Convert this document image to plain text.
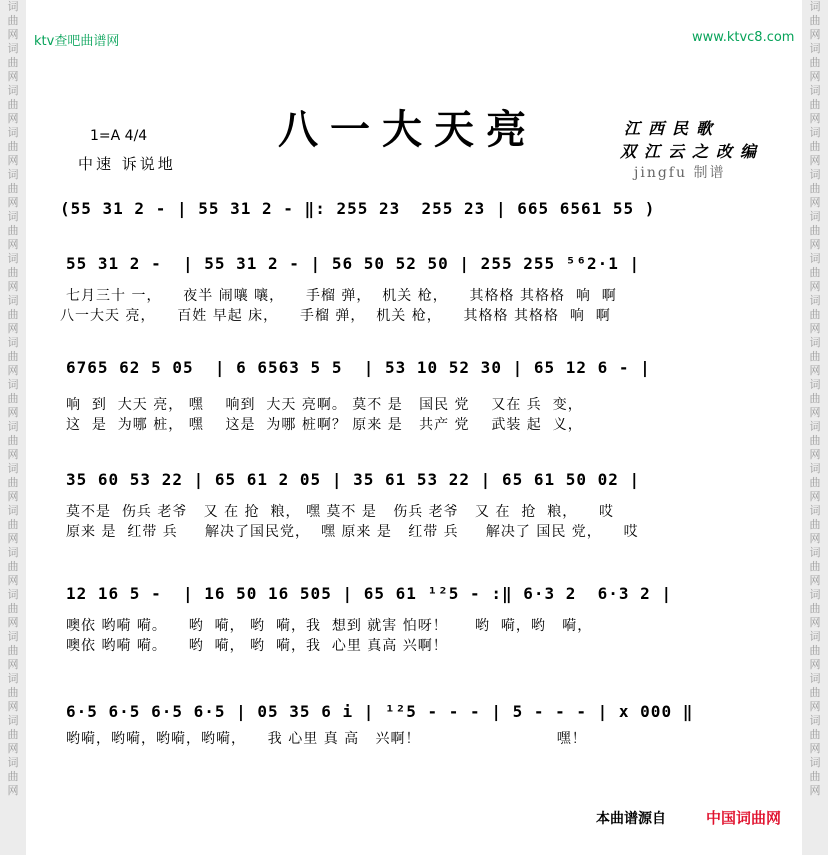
词曲网词曲网词曲网词曲网词曲网词曲网词曲网词曲网词曲网词曲网词曲网词曲网词曲网词曲网词曲网词曲网词曲网词曲网词曲网
词曲网词曲网词曲网词曲网词曲网词曲网词曲网词曲网词曲网词曲网词曲网词曲网词曲网词曲网词曲网词曲网词曲网词曲网词曲网
ktv查吧曲谱网	www.ktvc8.com
八一大天亮
1=A 4/4
中速 诉说地
江西民歌
双江云之改编
jingfu 制谱
(55 31 2 - | 55 31 2 - ‖: 255 23  255 23 | 665 6561 55 )
55 31 2 -  | 55 31 2 - | 56 50 52 50 | 255 255 ⁵⁶2·1 |
七月三十 一，    夜半 闹嚷 嚷，    手榴 弹，  机关 枪，    其格格 其格格  响  啊
八一大天 亮，    百姓 早起 床，    手榴 弹，  机关 枪，    其格格 其格格  响  啊
6765 62 5 05  | 6 6563 5 5  | 53 10 52 30 | 65 12 6 - |
响  到  大天 亮， 嘿    响到  大天 亮啊。 莫不 是   国民 党    又在 兵  变，
这  是  为哪 桩， 嘿    这是  为哪 桩啊？ 原来 是   共产 党    武装 起  义，
35 60 53 22 | 65 61 2 05 | 35 61 53 22 | 65 61 50 02 |
莫不是  伤兵 老爷   又 在 抢  粮， 嘿 莫不 是   伤兵 老爷   又 在  抢  粮，    哎
原来 是  红带 兵     解决了国民党，  嘿 原来 是   红带 兵     解决了 国民 党，    哎
12 16 5 -  | 16 50 16 505 | 65 61 ¹²5 - :‖ 6·3 2  6·3 2 |
噢依 哟嗬 嗬。    哟  嗬， 哟  嗬，我  想到 就害 怕呀！     哟  嗬，哟   嗬，
噢依 哟嗬 嗬。    哟  嗬， 哟  嗬，我  心里 真高 兴啊！
6·5 6·5 6·5 6·5 | 05 35 6 i | ¹²5 - - - | 5 - - - | x 000 ‖
哟嗬，哟嗬，哟嗬，哟嗬，    我 心里 真 高   兴啊！                         嘿！
本曲谱源自	中国词曲网
